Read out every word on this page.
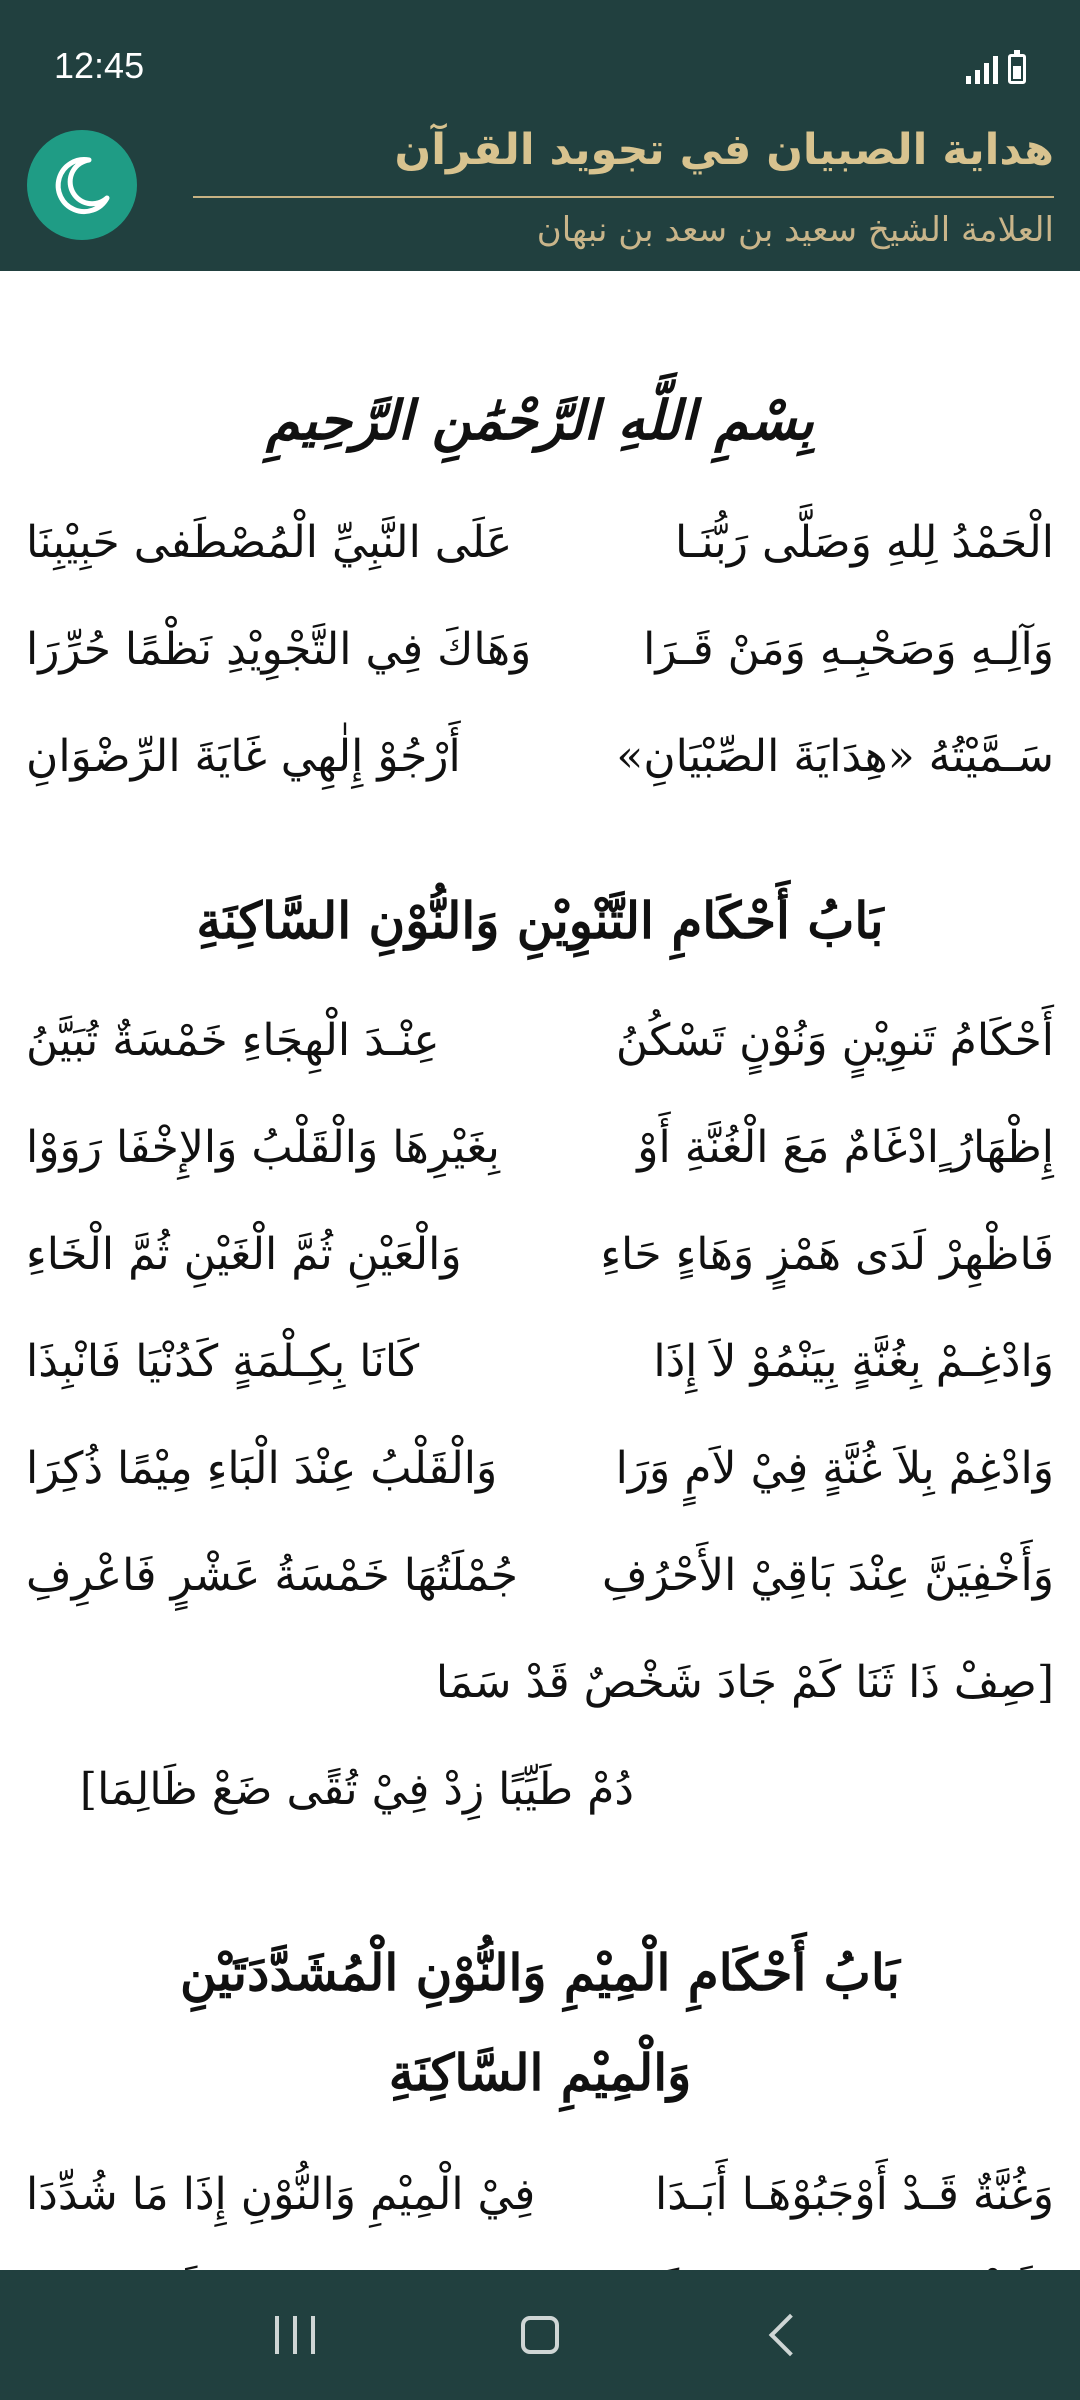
12:45
هداية الصبيان في تجويد القرآن
العلامة الشيخ سعيد بن سعد بن نبهان
بِسْمِ اللَّهِ الرَّحْمَٰنِ الرَّحِيمِ
الْحَمْدُ لِلهِ وَصَلَّى رَبُّنَـا
عَلَى النَّبِيِّ الْمُصْطَفى حَبِيْبِنَا
وَآلِـهِ وَصَحْبِـهِ وَمَنْ قَـرَا
وَهَاكَ فِي التَّجْوِيْدِ نَظْمًا حُرِّرَا
سَـمَّيْتُهُ «هِدَايَةَ الصِّبْيَانِ»
أَرْجُوْ إِلٰهِي غَايَةَ الرِّضْوَانِ
بَابُ أَحْكَامِ التَّنْوِيْنِ وَالنُّوْنِ السَّاكِنَةِ
أَحْكَامُ تَنوِيْنٍ وَنُوْنٍ تَسْكُنُ
عِنْـدَ الْهِجَاءِ خَمْسَةٌ تُبَيَّنُ
إِظْهَارُ ٍادْغَامٌ مَعَ الْغُنَّةِ أَوْ
بِغَيْرِهَا وَالْقَلْبُ وَالإِخْفَا رَوَوْا
فَاظْهِرْ لَدَى هَمْزٍ وَهَاءٍ حَاءِ
وَالْعَيْنِ ثُمَّ الْغَيْنِ ثُمَّ الْخَاءِ
وَادْغِـمْ بِغُنَّةٍ بِيَنْمُوْ لاَ إِذَا
كَانَا بِكِـلْمَةٍ كَدُنْيَا فَانْبِذَا
وَادْغِمْ بِلاَ غُنَّةٍ فِيْ لاَمٍ وَرَا
وَالْقَلْبُ عِنْدَ الْبَاءِ مِيْمًا ذُكِرَا
وَأَخْفِيَنَّ عِنْدَ بَاقِيْ الأَحْرُفِ
جُمْلَتُهَا خَمْسَةُ عَشْرٍ فَاعْرِفِ
[صِفْ ذَا ثَنَا كَمْ جَادَ شَخْصٌ قَدْ سَمَا
دُمْ طَيِّبًا زِدْ فِيْ تُقًى ضَعْ ظَالِمَا]
بَابُ أَحْكَامِ الْمِيْمِ وَالنُّوْنِ الْمُشَدَّدَتَيْنِ
وَالْمِيْمِ السَّاكِنَةِ
وَغُنَّةٌ قَـدْ أَوْجَبُوْهَـا أَبَـدَا
فِيْ الْمِيْمِ وَالنُّوْنِ إِذَا مَا شُدِّدَا
